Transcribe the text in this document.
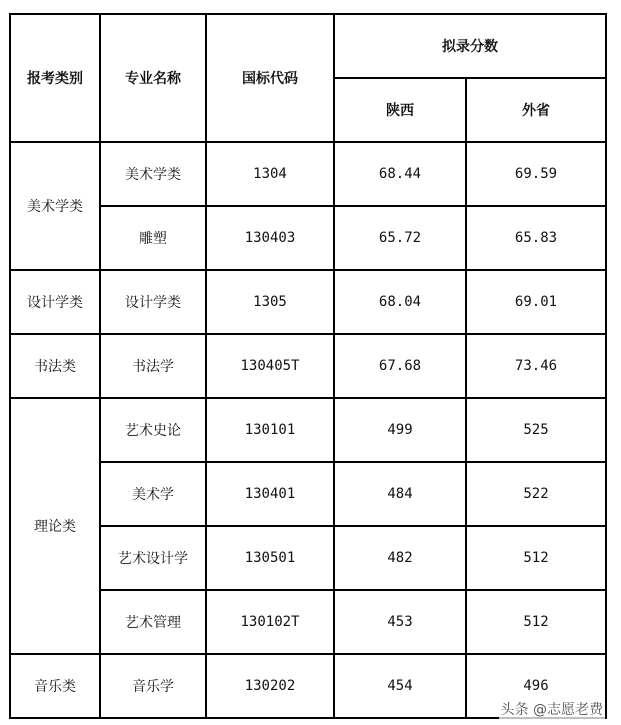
报考类别	专业名称	国标代码	拟录分数	
			陕西	外省
美术学类	美术学类	1304	68.44	69.59
	雕塑	130403	65.72	65.83
设计学类	设计学类	1305	68.04	69.01
书法类	书法学	130405T	67.68	73.46
理论类	艺术史论	130101	499	525
	美术学	130401	484	522
	艺术设计学	130501	482	512
	艺术管理	130102T	453	512
音乐类	音乐学	130202	454	496
头条 @志愿老费
